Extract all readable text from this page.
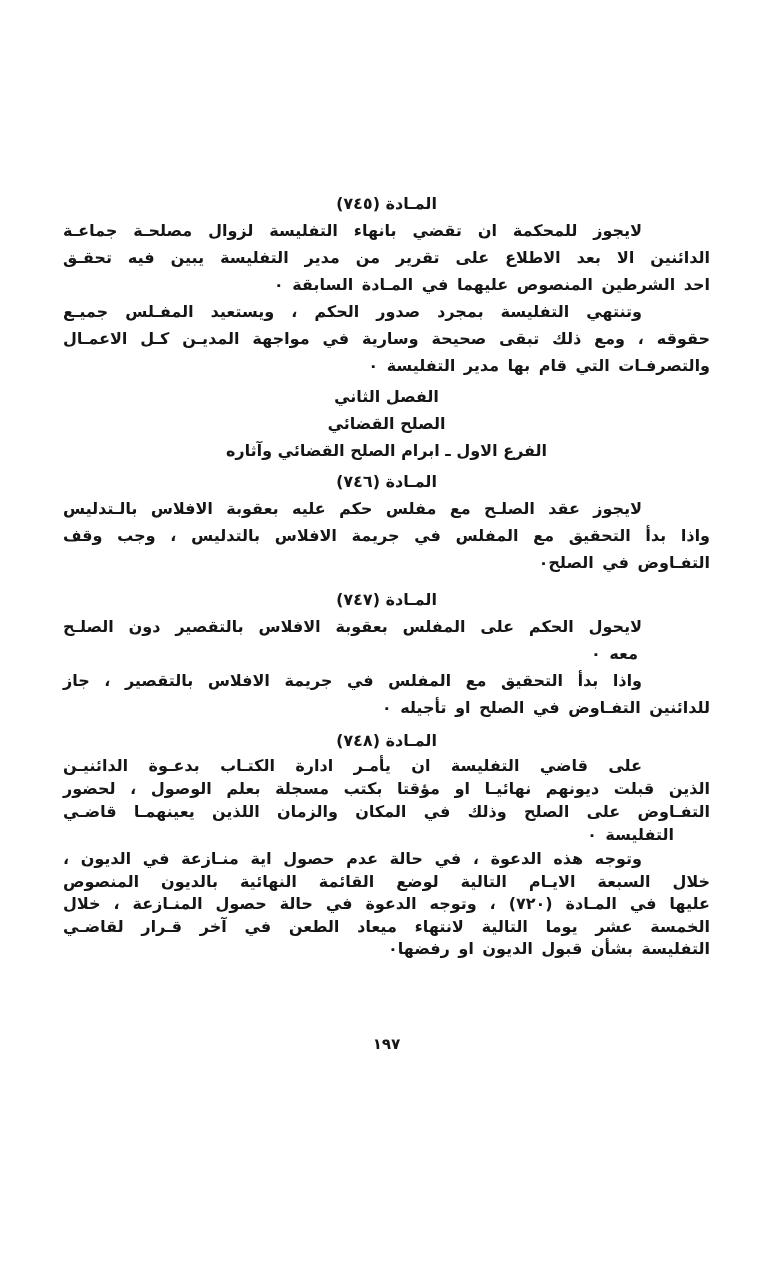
المـادة (٧٤٥)
لايجوز للمحكمة ان تقضي بانهاء التفليسة لزوال مصلحـة جماعـة
الدائنين الا بعد الاطلاع على تقرير من مدير التفليسة يبين فيه تحقـق
احد الشرطين المنصوص عليهما في المـادة السابقة ٠
وتنتهي التفليسة بمجرد صدور الحكم ، ويستعيد المفـلس جميـع
حقوقه ، ومع ذلك تبقى صحيحة وسارية في مواجهة المديـن كـل الاعمـال
والتصرفـات التي قام بها مدير التفليسة ٠
الفصل الثاني
الصلح القضائي
الفرع الاول ـ ابرام الصلح القضائي وآثاره
المـادة (٧٤٦)
لايجوز عقد الصلـح مع مفلس حكم عليه بعقوبة الافلاس بالـتدليس
واذا بدأ التحقيق مع المفلس في جريمة الافلاس بالتدليس ، وجب وقف
التفـاوض في الصلح٠
المـادة (٧٤٧)
لايحول الحكم على المفلس بعقوبة الافلاس بالتقصير دون الصلـح
معه ٠
واذا بدأ التحقيق مع المفلس في جريمة الافلاس بالتقصير ، جاز
للدائنين التفـاوض في الصلح او تأجيله ٠
المـادة (٧٤٨)
على قاضي التفليسة ان يأمـر ادارة الكتـاب بدعـوة الدائنيـن
الذين قبلت ديونهم نهائيـا او مؤقتا بكتب مسجلة بعلم الوصول ، لحضور
التفـاوض على الصلح وذلك في المكان والزمان اللذين يعينهمـا قاضـي
التفليسة ٠
وتوجه هذه الدعوة ، في حالة عدم حصول اية منـازعة في الديون ،
خلال السبعة الايـام التالية لوضع القائمة النهائية بالديون المنصوص
عليها في المـادة (٧٢٠) ، وتوجه الدعوة في حالة حصول المنـازعة ، خلال
الخمسة عشر يوما التالية لانتهاء ميعاد الطعن في آخر قـرار لقاضـي
التفليسة بشأن قبول الديون او رفضها٠
١٩٧
